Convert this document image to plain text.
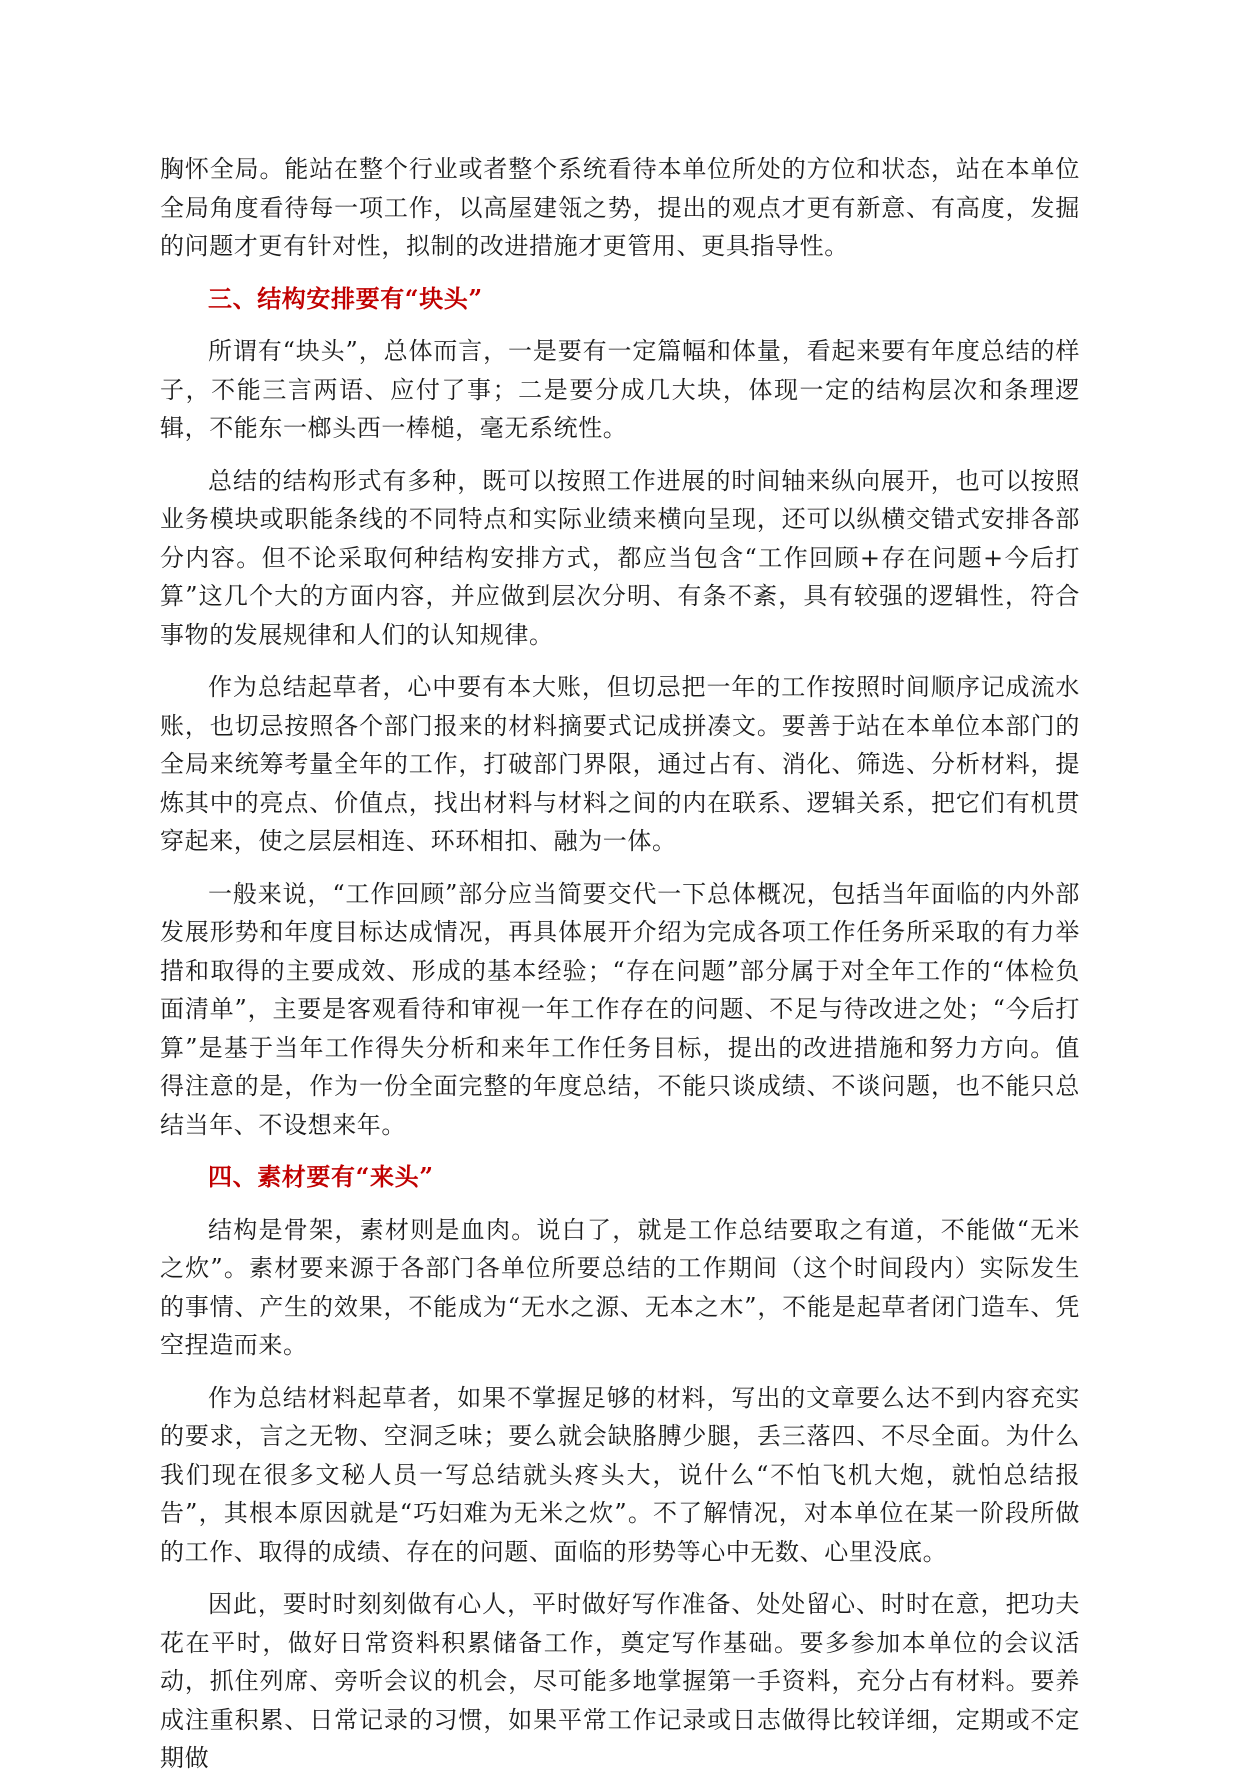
胸怀全局。能站在整个行业或者整个系统看待本单位所处的方位和状态，站在本单位全局角度看待每一项工作，以高屋建瓴之势，提出的观点才更有新意、有高度，发掘的问题才更有针对性，拟制的改进措施才更管用、更具指导性。

三、结构安排要有“块头”

所谓有“块头”，总体而言，一是要有一定篇幅和体量，看起来要有年度总结的样子，不能三言两语、应付了事；二是要分成几大块，体现一定的结构层次和条理逻辑，不能东一榔头西一棒槌，毫无系统性。

总结的结构形式有多种，既可以按照工作进展的时间轴来纵向展开，也可以按照业务模块或职能条线的不同特点和实际业绩来横向呈现，还可以纵横交错式安排各部分内容。但不论采取何种结构安排方式，都应当包含“工作回顾+存在问题+今后打算”这几个大的方面内容，并应做到层次分明、有条不紊，具有较强的逻辑性，符合事物的发展规律和人们的认知规律。

作为总结起草者，心中要有本大账，但切忌把一年的工作按照时间顺序记成流水账，也切忌按照各个部门报来的材料摘要式记成拼凑文。要善于站在本单位本部门的全局来统筹考量全年的工作，打破部门界限，通过占有、消化、筛选、分析材料，提炼其中的亮点、价值点，找出材料与材料之间的内在联系、逻辑关系，把它们有机贯穿起来，使之层层相连、环环相扣、融为一体。

一般来说，“工作回顾”部分应当简要交代一下总体概况，包括当年面临的内外部发展形势和年度目标达成情况，再具体展开介绍为完成各项工作任务所采取的有力举措和取得的主要成效、形成的基本经验；“存在问题”部分属于对全年工作的“体检负面清单”，主要是客观看待和审视一年工作存在的问题、不足与待改进之处；“今后打算”是基于当年工作得失分析和来年工作任务目标，提出的改进措施和努力方向。值得注意的是，作为一份全面完整的年度总结，不能只谈成绩、不谈问题，也不能只总结当年、不设想来年。

四、素材要有“来头”

结构是骨架，素材则是血肉。说白了，就是工作总结要取之有道，不能做“无米之炊”。素材要来源于各部门各单位所要总结的工作期间（这个时间段内）实际发生的事情、产生的效果，不能成为“无水之源、无本之木”，不能是起草者闭门造车、凭空捏造而来。

作为总结材料起草者，如果不掌握足够的材料，写出的文章要么达不到内容充实的要求，言之无物、空洞乏味；要么就会缺胳膊少腿，丢三落四、不尽全面。为什么我们现在很多文秘人员一写总结就头疼头大，说什么“不怕飞机大炮，就怕总结报告”，其根本原因就是“巧妇难为无米之炊”。不了解情况，对本单位在某一阶段所做的工作、取得的成绩、存在的问题、面临的形势等心中无数、心里没底。

因此，要时时刻刻做有心人，平时做好写作准备、处处留心、时时在意，把功夫花在平时，做好日常资料积累储备工作，奠定写作基础。要多参加本单位的会议活动，抓住列席、旁听会议的机会，尽可能多地掌握第一手资料，充分占有材料。要养成注重积累、日常记录的习惯，如果平常工作记录或日志做得比较详细，定期或不定期做
